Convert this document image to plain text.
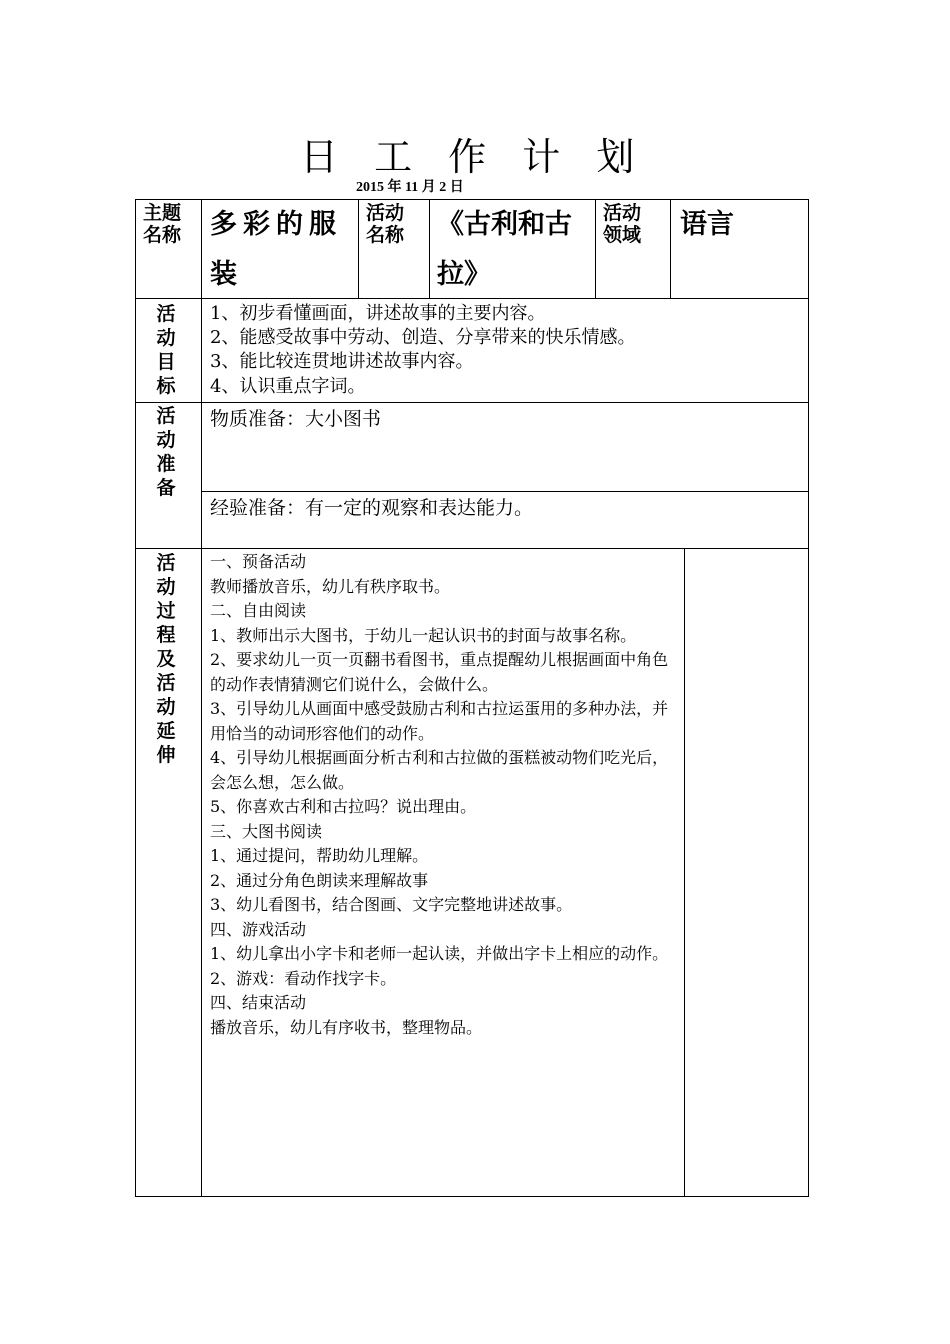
日 工 作 计 划
2015 年 11 月 2 日
主题名称	多彩的服装
活动名称	《古利和古拉》
活动领域	语言
活动目标
1、初步看懂画面，讲述故事的主要内容。
2、能感受故事中劳动、创造、分享带来的快乐情感。
3、能比较连贯地讲述故事内容。
4、认识重点字词。
活动准备
物质准备：大小图书
经验准备：有一定的观察和表达能力。
活动过程及活动延伸

一、预备活动

教师播放音乐，幼儿有秩序取书。

二、自由阅读

1、教师出示大图书，于幼儿一起认识书的封面与故事名称。

2、要求幼儿一页一页翻书看图书，重点提醒幼儿根据画面中角色的动作表情猜测它们说什么，会做什么。

3、引导幼儿从画面中感受鼓励古利和古拉运蛋用的多种办法，并用恰当的动词形容他们的动作。

4、引导幼儿根据画面分析古利和古拉做的蛋糕被动物们吃光后，会怎么想，怎么做。

5、你喜欢古利和古拉吗？说出理由。

三、大图书阅读

1、通过提问，帮助幼儿理解。

2、通过分角色朗读来理解故事

3、幼儿看图书，结合图画、文字完整地讲述故事。

四、游戏活动

1、幼儿拿出小字卡和老师一起认读，并做出字卡上相应的动作。

2、游戏：看动作找字卡。

四、结束活动

播放音乐，幼儿有序收书，整理物品。
